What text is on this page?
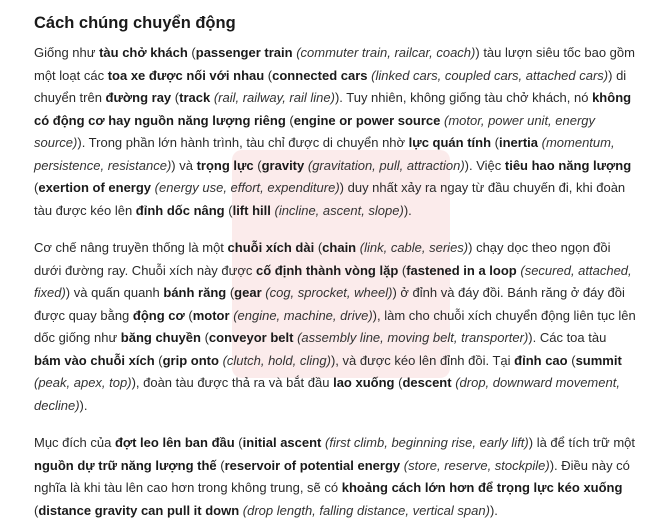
Cách chúng chuyển động

Giống như tàu chở khách (passenger train (commuter train, railcar, coach)) tàu lượn siêu tốc bao gồm một loạt các toa xe được nối với nhau (connected cars (linked cars, coupled cars, attached cars)) di chuyển trên đường ray (track (rail, railway, rail line)). Tuy nhiên, không giống tàu chở khách, nó không có động cơ hay nguồn năng lượng riêng (engine or power source (motor, power unit, energy source)). Trong phần lớn hành trình, tàu chỉ được di chuyển nhờ lực quán tính (inertia (momentum, persistence, resistance)) và trọng lực (gravity (gravitation, pull, attraction)). Việc tiêu hao năng lượng (exertion of energy (energy use, effort, expenditure)) duy nhất xảy ra ngay từ đầu chuyến đi, khi đoàn tàu được kéo lên đỉnh dốc nâng (lift hill (incline, ascent, slope)).

Cơ chế nâng truyền thống là một chuỗi xích dài (chain (link, cable, series)) chạy dọc theo ngọn đồi dưới đường ray. Chuỗi xích này được cố định thành vòng lặp (fastened in a loop (secured, attached, fixed)) và quấn quanh bánh răng (gear (cog, sprocket, wheel)) ở đỉnh và đáy đồi. Bánh răng ở đáy đồi được quay bằng động cơ (motor (engine, machine, drive)), làm cho chuỗi xích chuyển động liên tục lên dốc giống như băng chuyền (conveyor belt (assembly line, moving belt, transporter)). Các toa tàu bám vào chuỗi xích (grip onto (clutch, hold, cling)), và được kéo lên đỉnh đồi. Tại đỉnh cao (summit (peak, apex, top)), đoàn tàu được thả ra và bắt đầu lao xuống (descent (drop, downward movement, decline)).

Mục đích của đợt leo lên ban đầu (initial ascent (first climb, beginning rise, early lift)) là để tích trữ một nguồn dự trữ năng lượng thế (reservoir of potential energy (store, reserve, stockpile)). Điều này có nghĩa là khi tàu lên cao hơn trong không trung, sẽ có khoảng cách lớn hơn để trọng lực kéo xuống (distance gravity can pull it down (drop length, falling distance, vertical span)).
